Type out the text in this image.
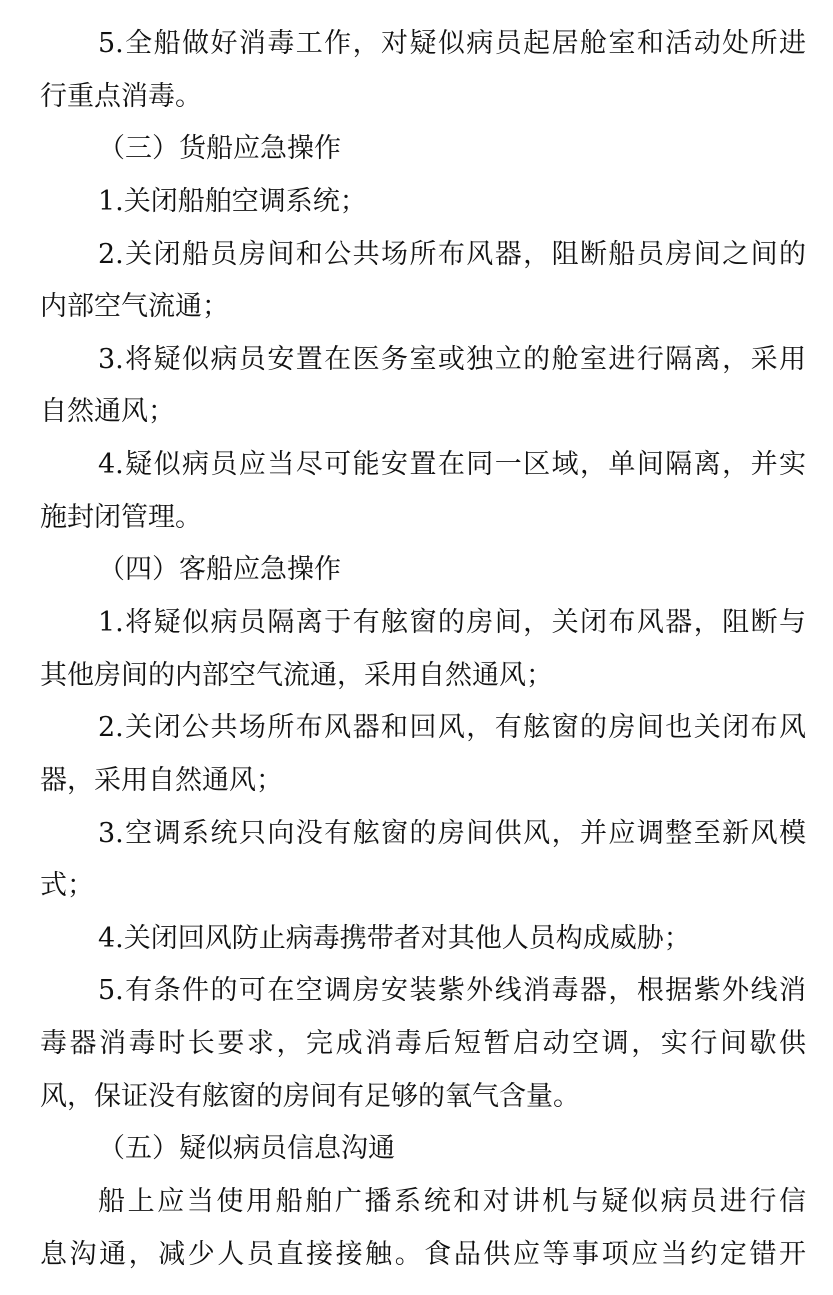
5.全船做好消毒工作，对疑似病员起居舱室和活动处所进
行重点消毒。
（三）货船应急操作
1.关闭船舶空调系统；
2.关闭船员房间和公共场所布风器，阻断船员房间之间的
内部空气流通；
3.将疑似病员安置在医务室或独立的舱室进行隔离，采用
自然通风；
4.疑似病员应当尽可能安置在同一区域，单间隔离，并实
施封闭管理。
（四）客船应急操作
1.将疑似病员隔离于有舷窗的房间，关闭布风器，阻断与
其他房间的内部空气流通，采用自然通风；
2.关闭公共场所布风器和回风，有舷窗的房间也关闭布风
器，采用自然通风；
3.空调系统只向没有舷窗的房间供风，并应调整至新风模
式；
4.关闭回风防止病毒携带者对其他人员构成威胁；
5.有条件的可在空调房安装紫外线消毒器，根据紫外线消
毒器消毒时长要求，完成消毒后短暂启动空调，实行间歇供
风，保证没有舷窗的房间有足够的氧气含量。
（五）疑似病员信息沟通
船上应当使用船舶广播系统和对讲机与疑似病员进行信
息沟通，减少人员直接接触。食品供应等事项应当约定错开
